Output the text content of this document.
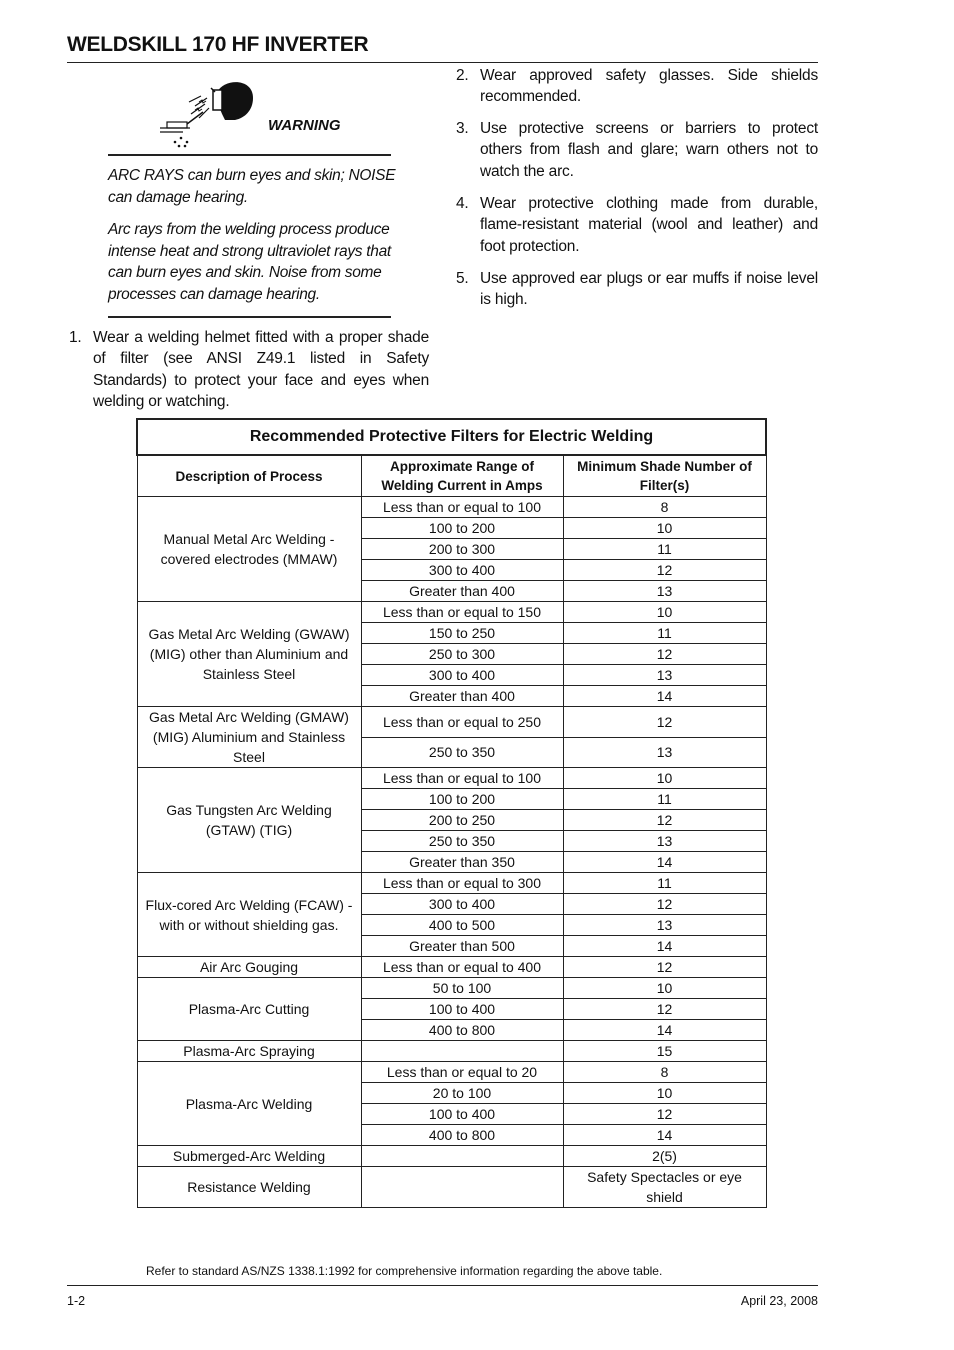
WELDSKILL 170 HF INVERTER
WARNING
ARC RAYS can burn eyes and skin; NOISE can damage hearing.
Arc rays from the welding process produce intense heat and strong ultraviolet rays that can burn eyes and skin. Noise from some processes can damage hearing.
1. Wear a welding helmet fitted with a proper shade of filter (see ANSI Z49.1 listed in Safety Standards) to protect your face and eyes when welding or watching.
2. Wear approved safety glasses. Side shields recommended.
3. Use protective screens or barriers to protect others from flash and glare; warn others not to watch the arc.
4. Wear protective clothing made from durable, flame-resistant material (wool and leather) and foot protection.
5. Use approved ear plugs or ear muffs if noise level is high.
Recommended Protective Filters for Electric Welding		
Description of Process	Approximate Range of Welding Current in Amps	Minimum Shade Number of Filter(s)
Manual Metal Arc Welding - covered electrodes (MMAW)	Less than or equal to 100	8
	100 to 200	10
	200 to 300	11
	300 to 400	12
	Greater than 400	13
Gas Metal Arc Welding (GWAW) (MIG) other than Aluminium and Stainless Steel	Less than or equal to 150	10
	150 to 250	11
	250 to 300	12
	300 to 400	13
	Greater than 400	14
Gas Metal Arc Welding (GMAW) (MIG) Aluminium and Stainless Steel	Less than or equal to 250	12
	250 to 350	13
Gas Tungsten Arc Welding (GTAW) (TIG)	Less than or equal to 100	10
	100 to 200	11
	200 to 250	12
	250 to 350	13
	Greater than 350	14
Flux-cored Arc Welding (FCAW) -with or without shielding gas.	Less than or equal to 300	11
	300 to 400	12
	400 to 500	13
	Greater than 500	14
Air Arc Gouging	Less than or equal to 400	12
Plasma-Arc Cutting	50 to 100	10
	100 to 400	12
	400 to 800	14
Plasma-Arc Spraying		15
Plasma-Arc Welding	Less than or equal to 20	8
	20 to 100	10
	100 to 400	12
	400 to 800	14
Submerged-Arc Welding		2(5)
Resistance Welding		Safety Spectacles or eye shield
Refer to standard AS/NZS 1338.1:1992 for comprehensive information regarding the above table.
1-2	April 23, 2008
